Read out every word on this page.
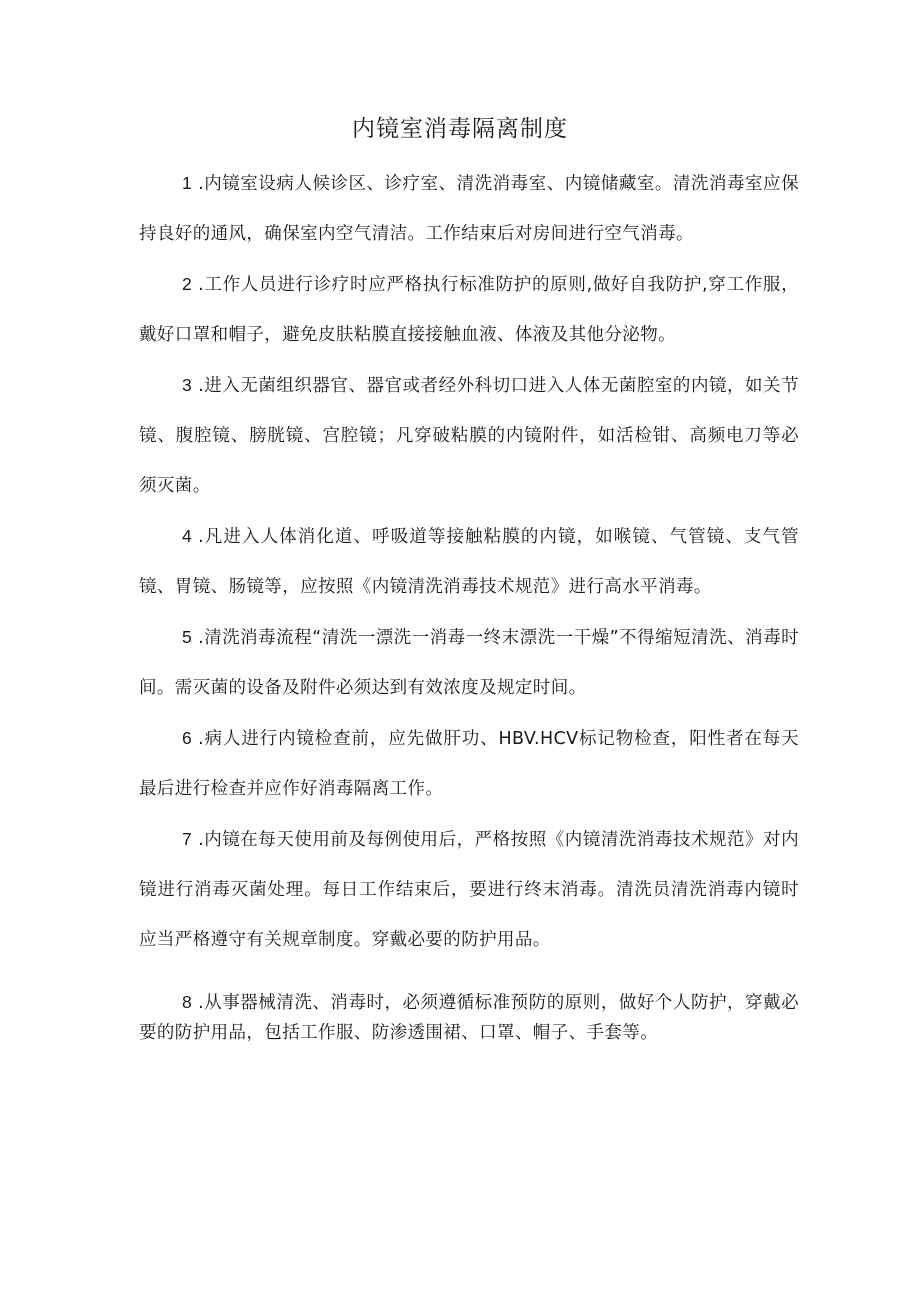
内镜室消毒隔离制度

1 .内镜室设病人候诊区、诊疗室、清洗消毒室、内镜储藏室。清洗消毒室应保持良好的通风，确保室内空气清洁。工作结束后对房间进行空气消毒。

2 .工作人员进行诊疗时应严格执行标准防护的原则,做好自我防护,穿工作服，戴好口罩和帽子，避免皮肤粘膜直接接触血液、体液及其他分泌物。

3 .进入无菌组织器官、器官或者经外科切口进入人体无菌腔室的内镜，如关节镜、腹腔镜、膀胱镜、宫腔镜；凡穿破粘膜的内镜附件，如活检钳、高频电刀等必须灭菌。

4 .凡进入人体消化道、呼吸道等接触粘膜的内镜，如喉镜、气管镜、支气管镜、胃镜、肠镜等，应按照《内镜清洗消毒技术规范》进行高水平消毒。

5 .清洗消毒流程“清洗一漂洗一消毒一终末漂洗一干燥”不得缩短清洗、消毒时间。需灭菌的设备及附件必须达到有效浓度及规定时间。

6 .病人进行内镜检查前，应先做肝功、HBV.HCV标记物检查，阳性者在每天最后进行检查并应作好消毒隔离工作。

7 .内镜在每天使用前及每例使用后，严格按照《内镜清洗消毒技术规范》对内镜进行消毒灭菌处理。每日工作结束后，要进行终末消毒。清洗员清洗消毒内镜时应当严格遵守有关规章制度。穿戴必要的防护用品。

8 .从事器械清洗、消毒时，必须遵循标准预防的原则，做好个人防护，穿戴必要的防护用品，包括工作服、防渗透围裙、口罩、帽子、手套等。
